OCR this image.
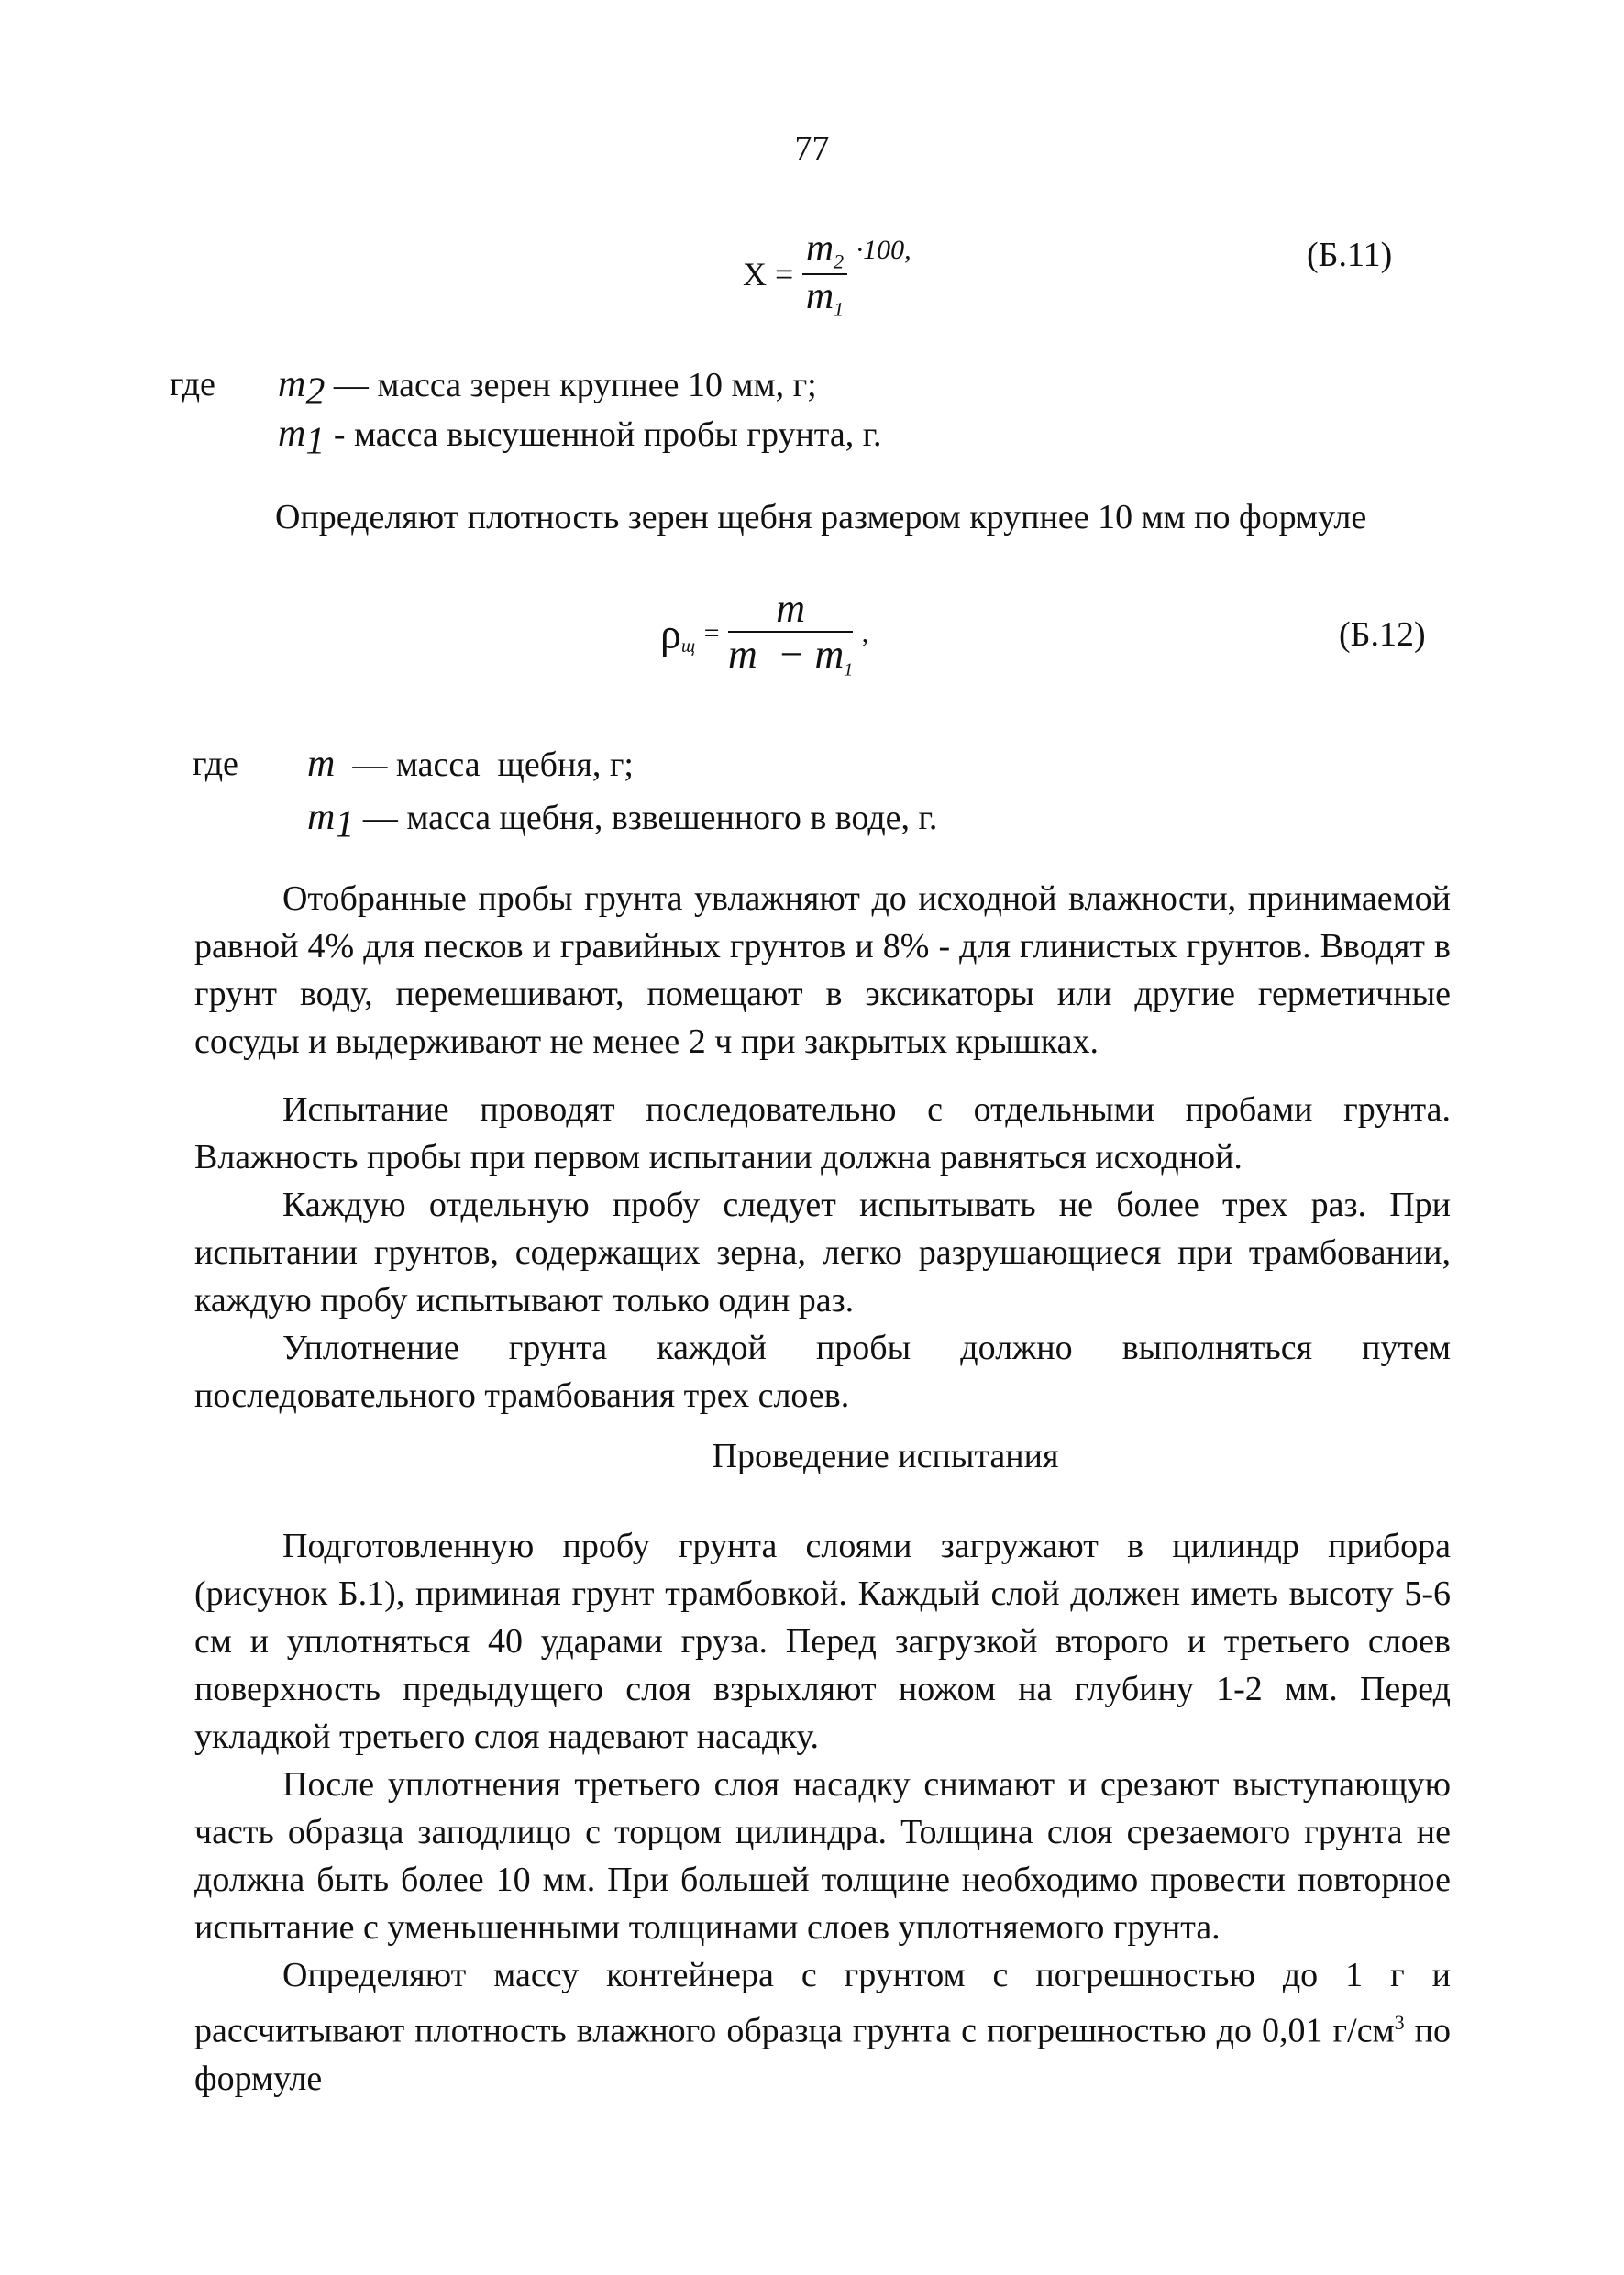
77
$X = \frac{m_2}{m_1} ^{\cdot 100,}$	(Б.11)
где $m_2$ — масса зерен крупнее 10 мм, г;
$m_1$ - масса высушенной пробы грунта, г.
Определяют плотность зерен щебня размером крупнее 10 мм по формуле
$\rho_щ = \frac{m}{m - m_1}$ ,	(Б.12)
где m  — масса  щебня, г;
$m_1$ — масса щебня, взвешенного в воде, г.
Отобранные пробы грунта увлажняют до исходной влажности, принимаемой равной 4% для песков и гравийных грунтов и 8% - для глинистых грунтов. Вводят в грунт воду, перемешивают, помещают в эксикаторы или другие герметичные сосуды и выдерживают не менее 2 ч при закрытых крышках.
Испытание проводят последовательно с отдельными пробами грунта. Влажность пробы при первом испытании должна равняться исходной.
Каждую отдельную пробу следует испытывать не более трех раз. При испытании грунтов, содержащих зерна, легко разрушающиеся при трамбовании, каждую пробу испытывают только один раз.
Уплотнение грунта каждой пробы должно выполняться путем последовательного трамбования трех слоев.
Проведение испытания
Подготовленную пробу грунта слоями загружают в цилиндр прибора (рисунок Б.1), приминая грунт трамбовкой. Каждый слой должен иметь высоту 5-6 см и уплотняться 40 ударами груза. Перед загрузкой второго и третьего слоев поверхность предыдущего слоя взрыхляют ножом на глубину 1-2 мм. Перед укладкой третьего слоя надевают насадку.
После уплотнения третьего слоя насадку снимают и срезают выступающую часть образца заподлицо с торцом цилиндра. Толщина слоя срезаемого грунта не должна быть более 10 мм. При большей толщине необходимо провести повторное испытание с уменьшенными толщинами слоев уплотняемого грунта.
Определяют массу контейнера с грунтом с погрешностью до 1 г и рассчитывают плотность влажного образца грунта с погрешностью до 0,01 $г/см^3$ по формуле
